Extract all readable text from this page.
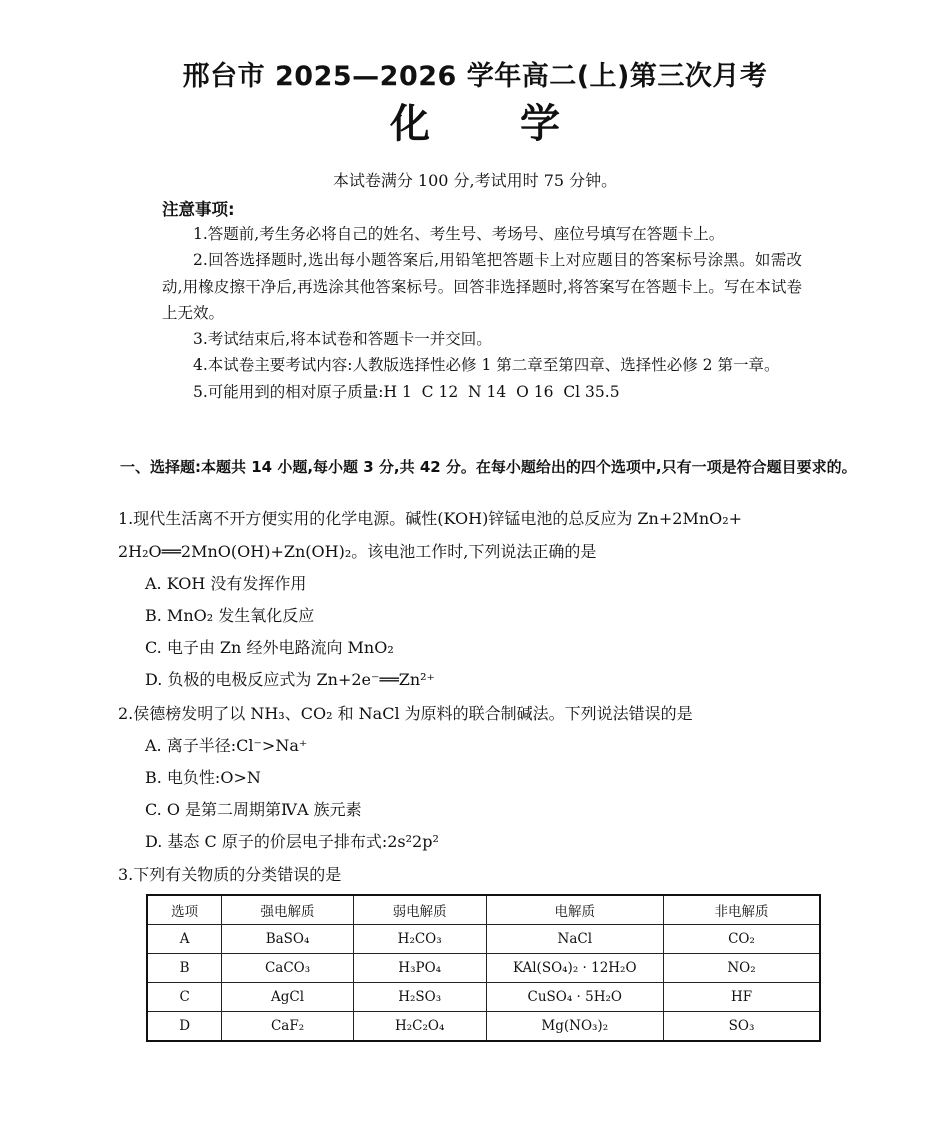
邢台市 2025—2026 学年高二(上)第三次月考
化 学
本试卷满分 100 分,考试用时 75 分钟。
注意事项:

1.答题前,考生务必将自己的姓名、考生号、考场号、座位号填写在答题卡上。

2.回答选择题时,选出每小题答案后,用铅笔把答题卡上对应题目的答案标号涂黑。如需改动,用橡皮擦干净后,再选涂其他答案标号。回答非选择题时,将答案写在答题卡上。写在本试卷上无效。

3.考试结束后,将本试卷和答题卡一并交回。

4.本试卷主要考试内容:人教版选择性必修 1 第二章至第四章、选择性必修 2 第一章。

5.可能用到的相对原子质量:H 1  C 12  N 14  O 16  Cl 35.5

一、选择题:本题共 14 小题,每小题 3 分,共 42 分。在每小题给出的四个选项中,只有一项是符合题目要求的。
1.现代生活离不开方便实用的化学电源。碱性(KOH)锌锰电池的总反应为 Zn+2MnO₂+
2H₂O══2MnO(OH)+Zn(OH)₂。该电池工作时,下列说法正确的是
A. KOH 没有发挥作用
B. MnO₂ 发生氧化反应
C. 电子由 Zn 经外电路流向 MnO₂
D. 负极的电极反应式为 Zn+2e⁻══Zn²⁺
2.侯德榜发明了以 NH₃、CO₂ 和 NaCl 为原料的联合制碱法。下列说法错误的是
A. 离子半径:Cl⁻>Na⁺
B. 电负性:O>N
C. O 是第二周期第ⅣA 族元素
D. 基态 C 原子的价层电子排布式:2s²2p²
3.下列有关物质的分类错误的是
选项	强电解质	弱电解质	电解质	非电解质
A	BaSO₄	H₂CO₃	NaCl	CO₂
B	CaCO₃	H₃PO₄	KAl(SO₄)₂ · 12H₂O	NO₂
C	AgCl	H₂SO₃	CuSO₄ · 5H₂O	HF
D	CaF₂	H₂C₂O₄	Mg(NO₃)₂	SO₃
